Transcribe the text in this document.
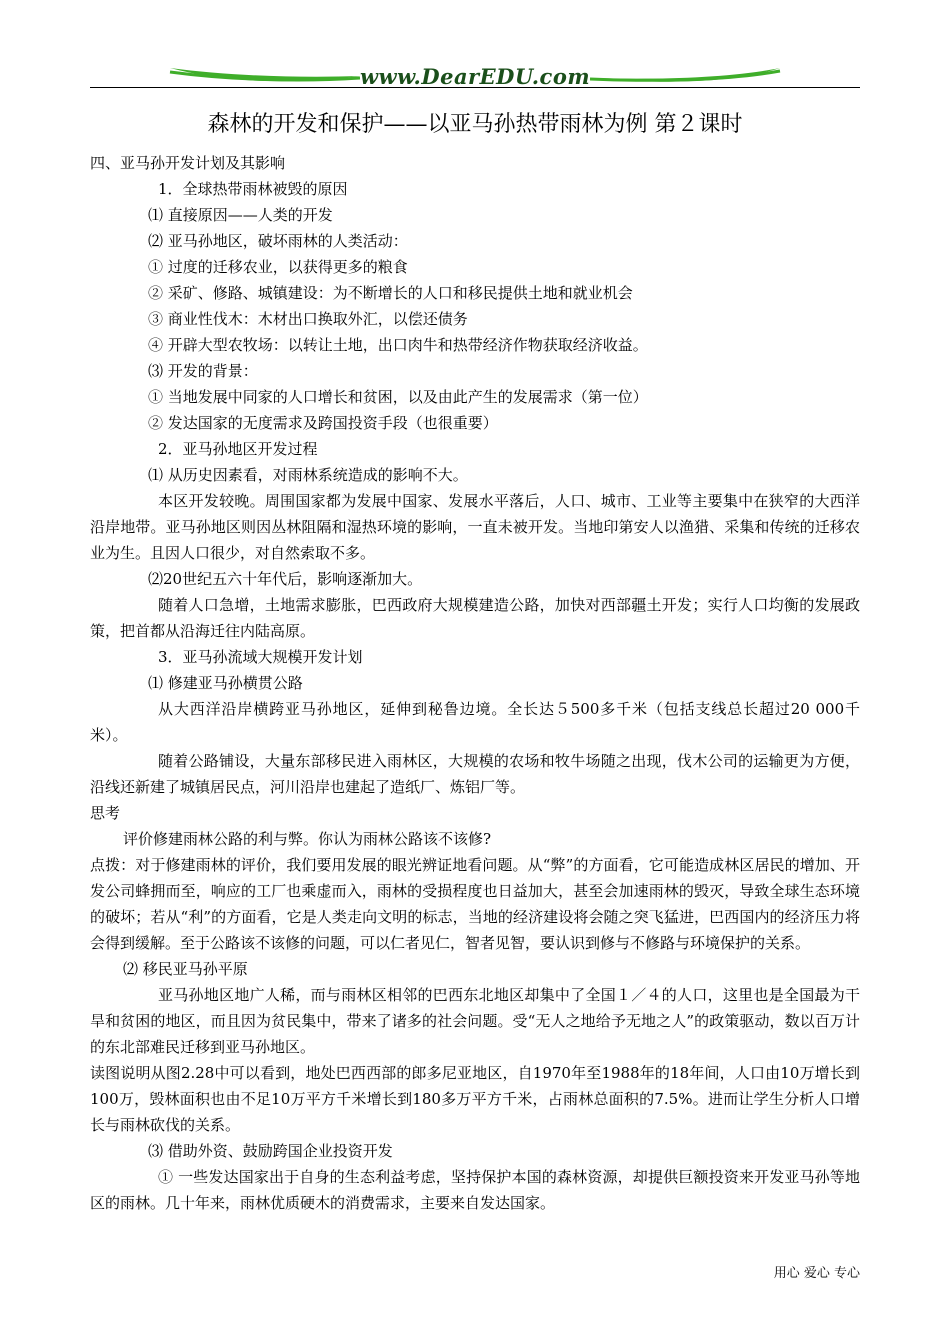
www.DearEDU.com
森林的开发和保护——以亚马孙热带雨林为例 第２课时

四、亚马孙开发计划及其影响

1．全球热带雨林被毁的原因

⑴ 直接原因——人类的开发

⑵ 亚马孙地区，破坏雨林的人类活动：

① 过度的迁移农业，以获得更多的粮食

② 采矿、修路、城镇建设：为不断增长的人口和移民提供土地和就业机会

③ 商业性伐木：木材出口换取外汇，以偿还债务

④ 开辟大型农牧场：以转让土地，出口肉牛和热带经济作物获取经济收益。

⑶ 开发的背景：

① 当地发展中同家的人口增长和贫困，以及由此产生的发展需求（第一位）

② 发达国家的无度需求及跨国投资手段（也很重要）

2．亚马孙地区开发过程

⑴ 从历史因素看，对雨林系统造成的影响不大。

本区开发较晚。周围国家都为发展中国家、发展水平落后，人口、城市、工业等主要集中在狭窄的大西洋沿岸地带。亚马孙地区则因丛林阻隔和湿热环境的影响，一直未被开发。当地印第安人以渔猎、采集和传统的迁移农业为生。且因人口很少，对自然索取不多。

⑵20世纪五六十年代后，影响逐渐加大。

随着人口急增，土地需求膨胀，巴西政府大规模建造公路，加快对西部疆土开发；实行人口均衡的发展政策，把首都从沿海迁往内陆高原。

3．亚马孙流域大规模开发计划

⑴ 修建亚马孙横贯公路

从大西洋沿岸横跨亚马孙地区，延伸到秘鲁边境。全长达５500多千米（包括支线总长超过20 000千米）。

随着公路铺设，大量东部移民进入雨林区，大规模的农场和牧牛场随之出现，伐木公司的运输更为方便，沿线还新建了城镇居民点，河川沿岸也建起了造纸厂、炼铝厂等。

思考

评价修建雨林公路的利与弊。你认为雨林公路该不该修?

点拨：对于修建雨林的评价，我们要用发展的眼光辨证地看问题。从“弊”的方面看，它可能造成林区居民的增加、开发公司蜂拥而至，响应的工厂也乘虚而入，雨林的受损程度也日益加大，甚至会加速雨林的毁灭，导致全球生态环境的破坏；若从“利”的方面看，它是人类走向文明的标志，当地的经济建设将会随之突飞猛进，巴西国内的经济压力将会得到缓解。至于公路该不该修的问题，可以仁者见仁，智者见智，要认识到修与不修路与环境保护的关系。

⑵ 移民亚马孙平原

亚马孙地区地广人稀，而与雨林区相邻的巴西东北地区却集中了全国１／４的人口，这里也是全国最为干旱和贫困的地区，而且因为贫民集中，带来了诸多的社会问题。受“无人之地给予无地之人”的政策驱动，数以百万计的东北部难民迁移到亚马孙地区。

读图说明从图2.28中可以看到，地处巴西西部的郎多尼亚地区，自1970年至1988年的18年间，人口由10万增长到100万，毁林面积也由不足10万平方千米增长到180多万平方千米，占雨林总面积的7.5%。进而让学生分析人口增长与雨林砍伐的关系。

⑶ 借助外资、鼓励跨国企业投资开发

① 一些发达国家出于自身的生态利益考虑，坚持保护本国的森林资源，却提供巨额投资来开发亚马孙等地区的雨林。几十年来，雨林优质硬木的消费需求，主要来自发达国家。

用心 爱心 专心
